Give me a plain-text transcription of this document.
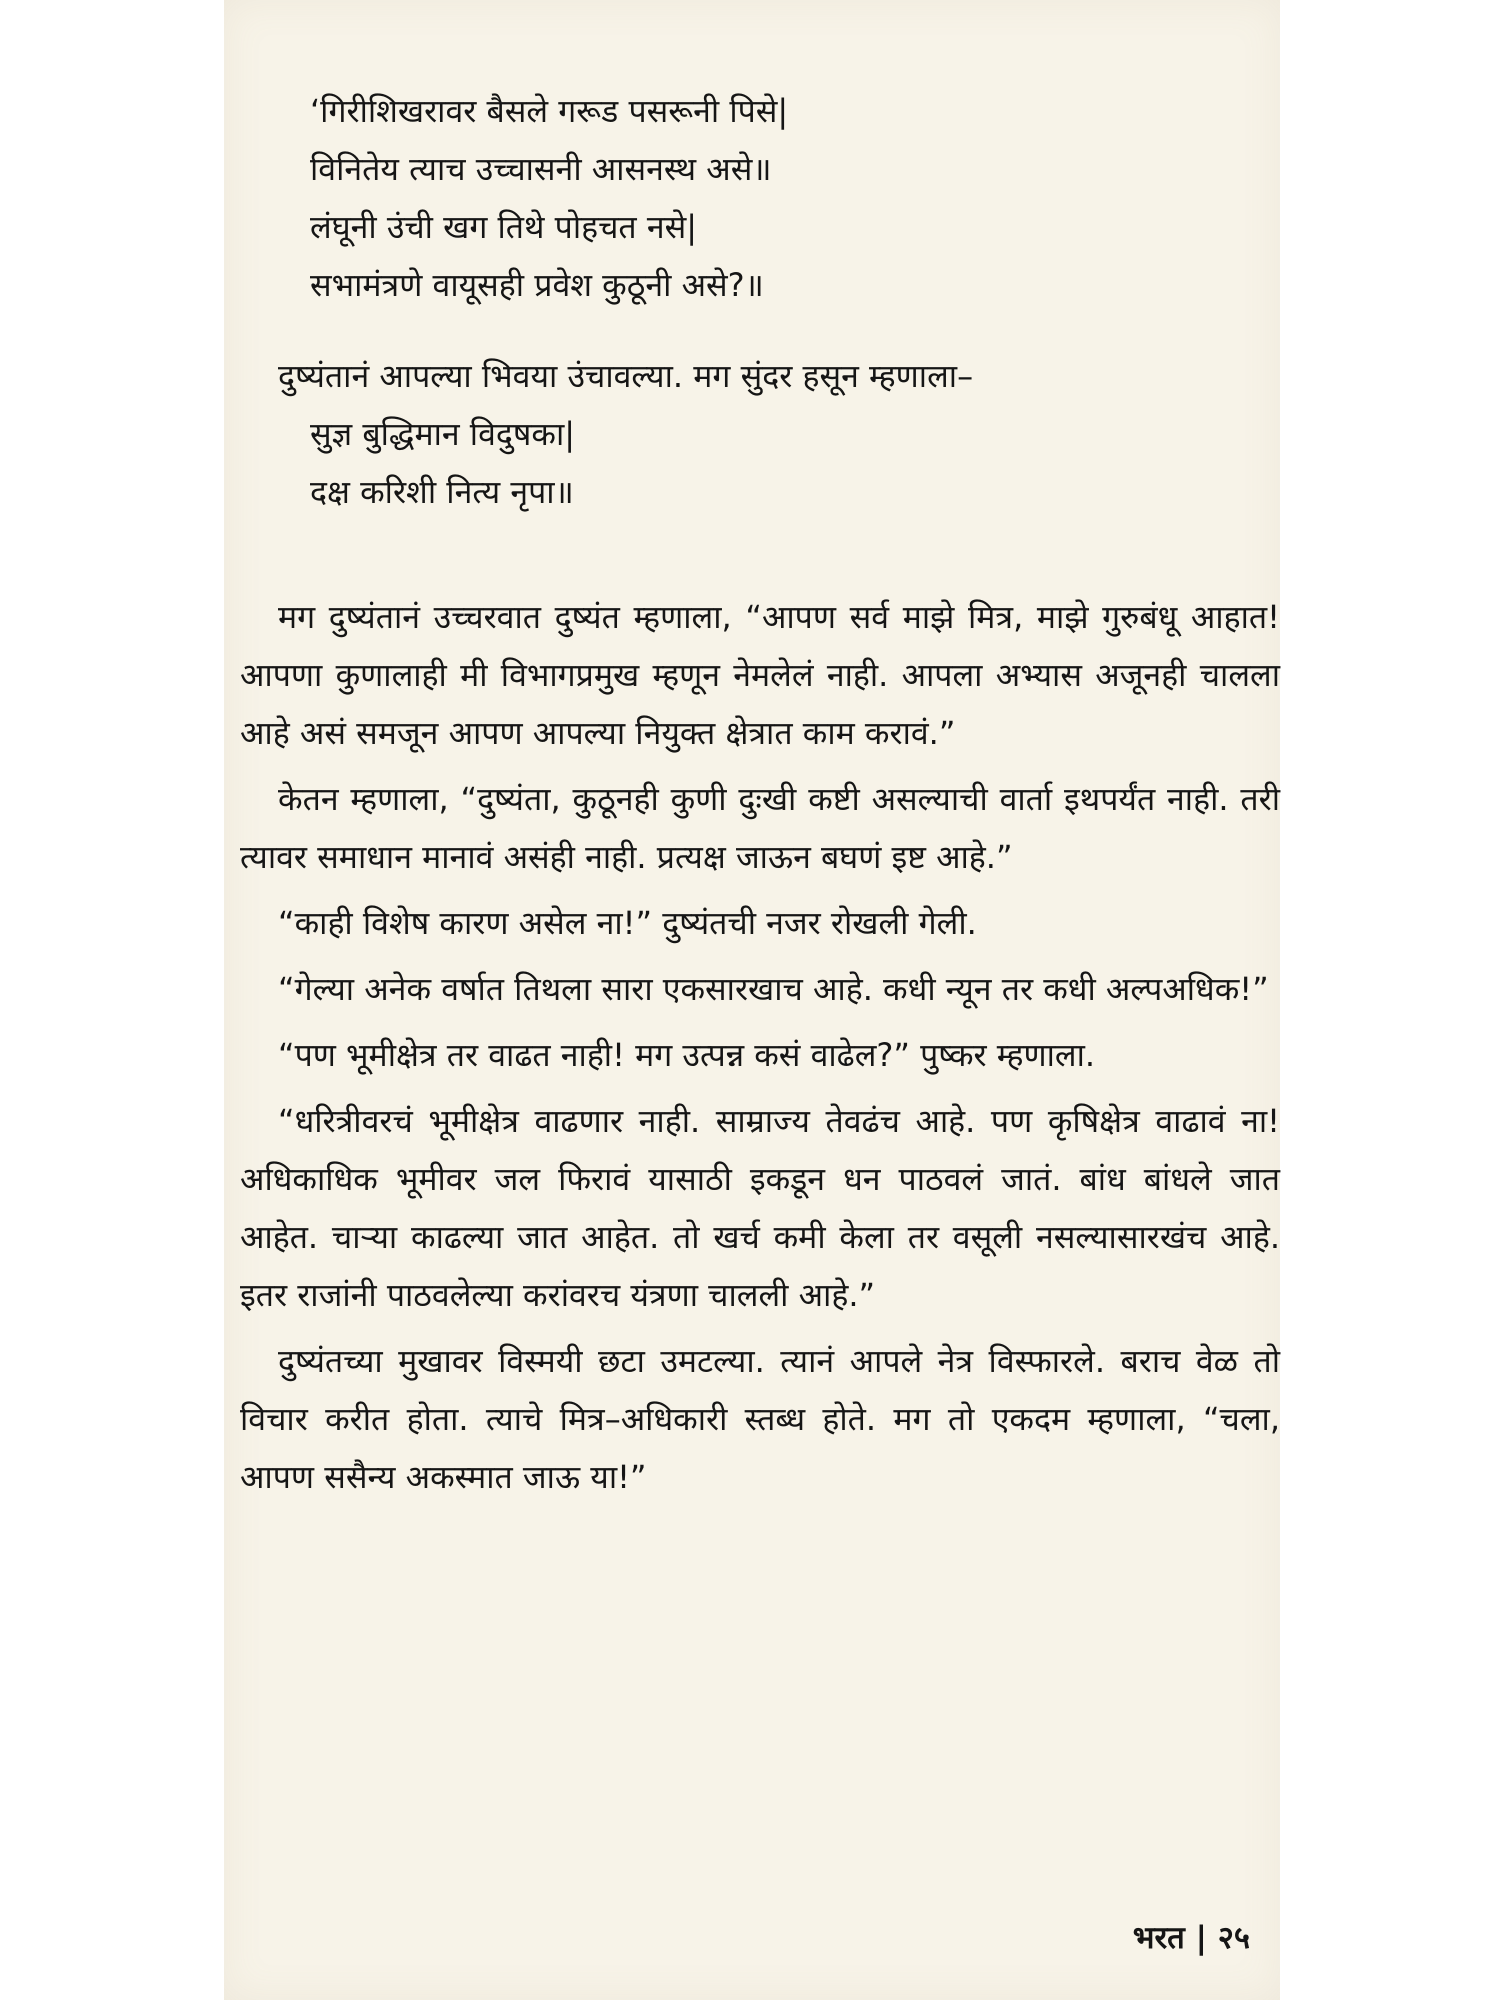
‘गिरीशिखरावर बैसले गरूड पसरूनी पिसे|
विनितेय त्याच उच्चासनी आसनस्थ असे॥
लंघूनी उंची खग तिथे पोहचत नसे|
सभामंत्रणे वायूसही प्रवेश कुठूनी असे?॥
दुष्यंतानं आपल्या भिवया उंचावल्या. मग सुंदर हसून म्हणाला–
सुज्ञ बुद्धिमान विदुषका|
दक्ष करिशी नित्य नृपा॥

मग दुष्यंतानं उच्चरवात दुष्यंत म्हणाला, “आपण सर्व माझे मित्र, माझे गुरुबंधू आहात! आपणा कुणालाही मी विभागप्रमुख म्हणून नेमलेलं नाही. आपला अभ्यास अजूनही चालला आहे असं समजून आपण आपल्या नियुक्त क्षेत्रात काम करावं.”

केतन म्हणाला, “दुष्यंता, कुठूनही कुणी दुःखी कष्टी असल्याची वार्ता इथपर्यंत नाही. तरी त्यावर समाधान मानावं असंही नाही. प्रत्यक्ष जाऊन बघणं इष्ट आहे.”

“काही विशेष कारण असेल ना!” दुष्यंतची नजर रोखली गेली.

“गेल्या अनेक वर्षात तिथला सारा एकसारखाच आहे. कधी न्यून तर कधी अल्पअधिक!”

“पण भूमीक्षेत्र तर वाढत नाही! मग उत्पन्न कसं वाढेल?” पुष्कर म्हणाला.

“धरित्रीवरचं भूमीक्षेत्र वाढणार नाही. साम्राज्य तेवढंच आहे. पण कृषिक्षेत्र वाढावं ना! अधिकाधिक भूमीवर जल फिरावं यासाठी इकडून धन पाठवलं जातं. बांध बांधले जात आहेत. चाऱ्या काढल्या जात आहेत. तो खर्च कमी केला तर वसूली नसल्यासारखंच आहे. इतर राजांनी पाठवलेल्या करांवरच यंत्रणा चालली आहे.”

दुष्यंतच्या मुखावर विस्मयी छटा उमटल्या. त्यानं आपले नेत्र विस्फारले. बराच वेळ तो विचार करीत होता. त्याचे मित्र–अधिकारी स्तब्ध होते. मग तो एकदम म्हणाला, “चला, आपण ससैन्य अकस्मात जाऊ या!”

भरत | २५
